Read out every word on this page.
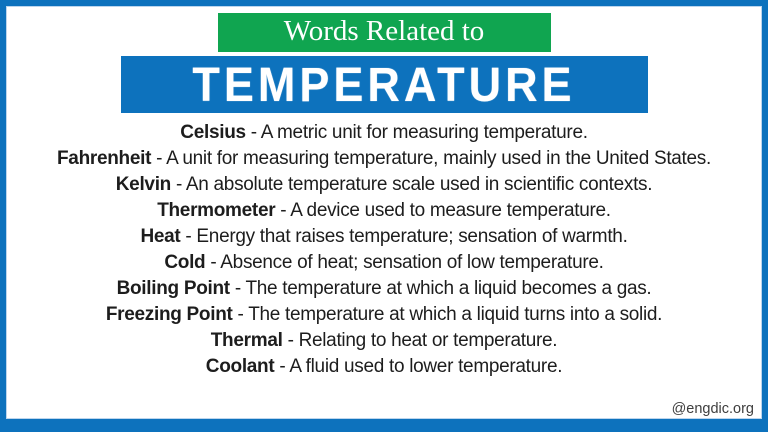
Words Related to
TEMPERATURE
Celsius - A metric unit for measuring temperature.
Fahrenheit - A unit for measuring temperature, mainly used in the United States.
Kelvin - An absolute temperature scale used in scientific contexts.
Thermometer - A device used to measure temperature.
Heat - Energy that raises temperature; sensation of warmth.
Cold - Absence of heat; sensation of low temperature.
Boiling Point - The temperature at which a liquid becomes a gas.
Freezing Point - The temperature at which a liquid turns into a solid.
Thermal - Relating to heat or temperature.
Coolant - A fluid used to lower temperature.
@engdic.org
